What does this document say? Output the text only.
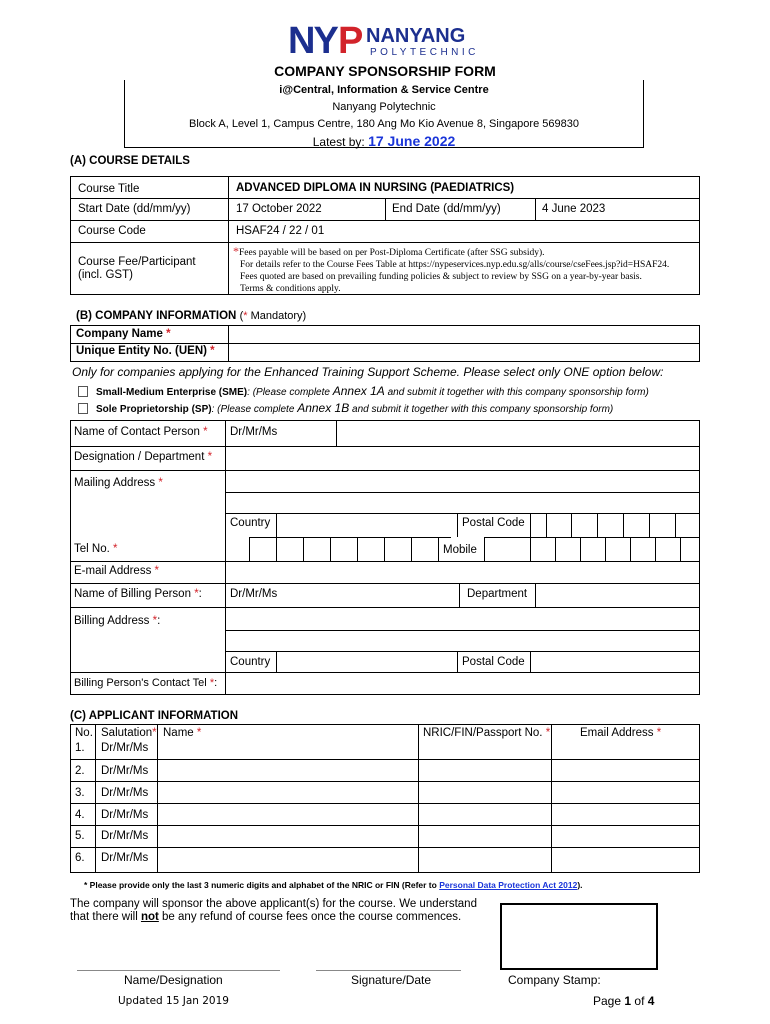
NY P NANYANG
POLYTECHNIC
COMPANY SPONSORSHIP FORM
i@Central, Information & Service Centre
Nanyang Polytechnic
Block A, Level 1, Campus Centre, 180 Ang Mo Kio Avenue 8, Singapore 569830
Latest by: 17 June 2022
(A) COURSE DETAILS
Course Title	ADVANCED DIPLOMA IN NURSING (PAEDIATRICS)
Start Date (dd/mm/yy)	17 October 2022	End Date (dd/mm/yy)	4 June 2023
Course Code	HSAF24 / 22 / 01
Course Fee/Participant (incl. GST)
*Fees payable will be based on per Post-Diploma Certificate (after SSG subsidy).
For details refer to the Course Fees Table at https://nypeservices.nyp.edu.sg/alls/course/cseFees.jsp?id=HSAF24.
Fees quoted are based on prevailing funding policies & subject to review by SSG on a year-by-year basis.
Terms & conditions apply.
(B) COMPANY INFORMATION (* Mandatory)
Company Name *
Unique Entity No. (UEN) *
Only for companies applying for the Enhanced Training Support Scheme. Please select only ONE option below:
Small-Medium Enterprise (SME): (Please complete Annex 1A and submit it together with this company sponsorship form)
Sole Proprietorship (SP): (Please complete Annex 1B and submit it together with this company sponsorship form)
Name of Contact Person * Dr/Mr/Ms
Designation / Department *
Mailing Address *
Country	Postal Code
Tel No. *	Mobile
E-mail Address *
Name of Billing Person *: Dr/Mr/Ms	Department
Billing Address *:
Country	Postal Code
Billing Person's Contact Tel *:
(C) APPLICANT INFORMATION
No. Salutation* Name *	NRIC/FIN/Passport No. *	Email Address *
1. Dr/Mr/Ms
2. Dr/Mr/Ms
3. Dr/Mr/Ms
4. Dr/Mr/Ms
5. Dr/Mr/Ms
6. Dr/Mr/Ms
* Please provide only the last 3 numeric digits and alphabet of the NRIC or FIN (Refer to Personal Data Protection Act 2012).
The company will sponsor the above applicant(s) for the course. We understand
that there will not be any refund of course fees once the course commences.
Name/Designation	Signature/Date	Company Stamp:
Updated 15 Jan 2019	Page 1 of 4
